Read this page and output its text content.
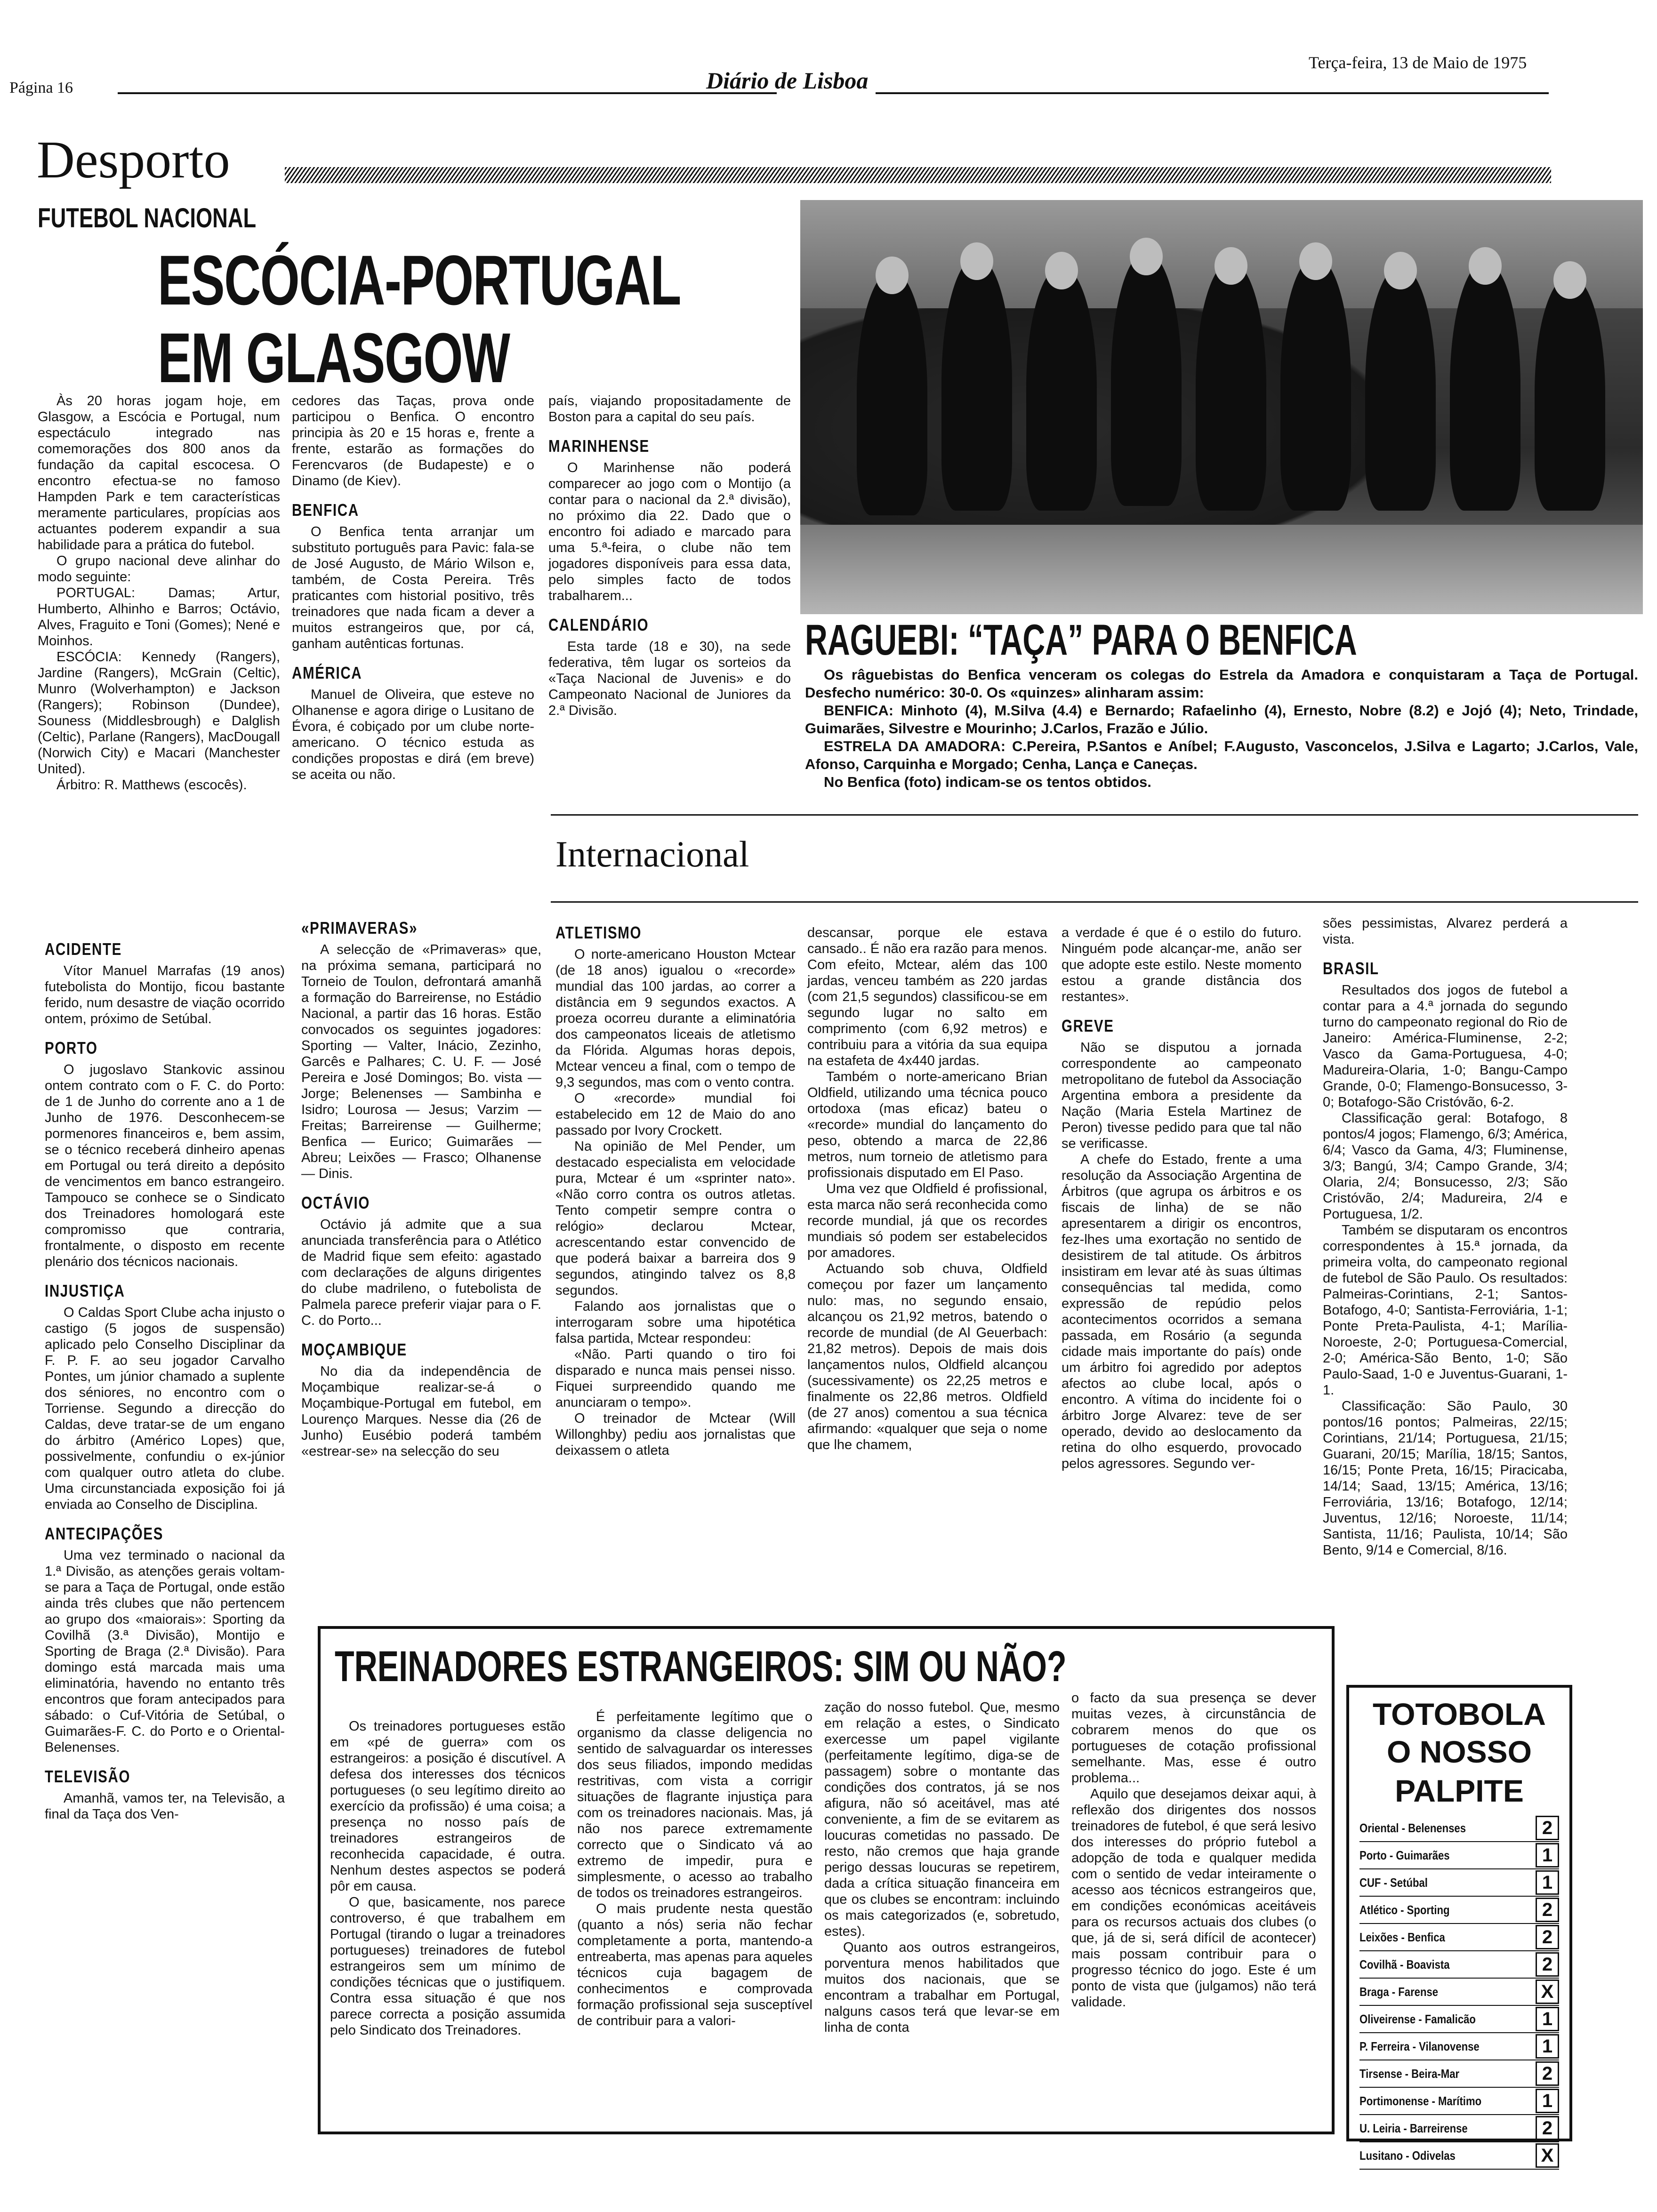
Página 16	Diário de Lisboa
Terça-feira, 13 de Maio de 1975
Desporto
FUTEBOL NACIONAL
ESCÓCIA-PORTUGAL
EM GLASGOW

Às 20 horas jogam hoje, em Glasgow, a Escócia e Portugal, num espectáculo integrado nas comemorações dos 800 anos da fundação da capital escocesa. O encontro efectua-se no famoso Hampden Park e tem características meramente particulares, propícias aos actuantes poderem expandir a sua habilidade para a prática do futebol.

O grupo nacional deve alinhar do modo seguinte:

PORTUGAL: Damas; Artur, Humberto, Alhinho e Barros; Octávio, Alves, Fraguito e Toni (Gomes); Nené e Moinhos.

ESCÓCIA: Kennedy (Rangers), Jardine (Rangers), McGrain (Celtic), Munro (Wolverhampton) e Jackson (Rangers); Robinson (Dundee), Souness (Middlesbrough) e Dalglish (Celtic), Parlane (Rangers), MacDougall (Norwich City) e Macari (Manchester United).

Árbitro: R. Matthews (escocês).

cedores das Taças, prova onde participou o Benfica. O encontro principia às 20 e 15 horas e, frente a frente, estarão as formações do Ferencvaros (de Budapeste) e o Dinamo (de Kiev).

BENFICA

O Benfica tenta arranjar um substituto português para Pavic: fala-se de José Augusto, de Mário Wilson e, também, de Costa Pereira. Três praticantes com historial positivo, três treinadores que nada ficam a dever a muitos estrangeiros que, por cá, ganham autênticas fortunas.

AMÉRICA

Manuel de Oliveira, que esteve no Olhanense e agora dirige o Lusitano de Évora, é cobiçado por um clube norte-americano. O técnico estuda as condições propostas e dirá (em breve) se aceita ou não.

país, viajando propositadamente de Boston para a capital do seu país.

MARINHENSE

O Marinhense não poderá comparecer ao jogo com o Montijo (a contar para o nacional da 2.ª divisão), no próximo dia 22. Dado que o encontro foi adiado e marcado para uma 5.ª-feira, o clube não tem jogadores disponíveis para essa data, pelo simples facto de todos trabalharem...

CALENDÁRIO

Esta tarde (18 e 30), na sede federativa, têm lugar os sorteios da «Taça Nacional de Juvenis» e do Campeonato Nacional de Juniores da 2.ª Divisão.

RAGUEBI: “TAÇA” PARA O BENFICA

Os râguebistas do Benfica venceram os colegas do Estrela da Amadora e conquistaram a Taça de Portugal. Desfecho numérico: 30-0. Os «quinzes» alinharam assim:

BENFICA: Minhoto (4), M.Silva (4.4) e Bernardo; Rafaelinho (4), Ernesto, Nobre (8.2) e Jojó (4); Neto, Trindade, Guimarães, Silvestre e Mourinho; J.Carlos, Frazão e Júlio.

ESTRELA DA AMADORA: C.Pereira, P.Santos e Aníbel; F.Augusto, Vasconcelos, J.Silva e Lagarto; J.Carlos, Vale, Afonso, Carquinha e Morgado; Cenha, Lança e Caneças.

No Benfica (foto) indicam-se os tentos obtidos.

Internacional
ACIDENTE

Vítor Manuel Marrafas (19 anos) futebolista do Montijo, ficou bastante ferido, num desastre de viação ocorrido ontem, próximo de Setúbal.

PORTO

O jugoslavo Stankovic assinou ontem contrato com o F. C. do Porto: de 1 de Junho do corrente ano a 1 de Junho de 1976. Desconhecem-se pormenores financeiros e, bem assim, se o técnico receberá dinheiro apenas em Portugal ou terá direito a depósito de vencimentos em banco estrangeiro. Tampouco se conhece se o Sindicato dos Treinadores homologará este compromisso que contraria, frontalmente, o disposto em recente plenário dos técnicos nacionais.

INJUSTIÇA

O Caldas Sport Clube acha injusto o castigo (5 jogos de suspensão) aplicado pelo Conselho Disciplinar da F. P. F. ao seu jogador Carvalho Pontes, um júnior chamado a suplente dos séniores, no encontro com o Torriense. Segundo a direcção do Caldas, deve tratar-se de um engano do árbitro (Américo Lopes) que, possivelmente, confundiu o ex-júnior com qualquer outro atleta do clube. Uma circunstanciada exposição foi já enviada ao Conselho de Disciplina.

ANTECIPAÇÕES

Uma vez terminado o nacional da 1.ª Divisão, as atenções gerais voltam-se para a Taça de Portugal, onde estão ainda três clubes que não pertencem ao grupo dos «maiorais»: Sporting da Covilhã (3.ª Divisão), Montijo e Sporting de Braga (2.ª Divisão). Para domingo está marcada mais uma eliminatória, havendo no entanto três encontros que foram antecipados para sábado: o Cuf-Vitória de Setúbal, o Guimarães-F. C. do Porto e o Oriental-Belenenses.

TELEVISÃO

Amanhã, vamos ter, na Televisão, a final da Taça dos Ven-

«PRIMAVERAS»

A selecção de «Primaveras» que, na próxima semana, participará no Torneio de Toulon, defrontará amanhã a formação do Barreirense, no Estádio Nacional, a partir das 16 horas. Estão convocados os seguintes jogadores: Sporting — Valter, Inácio, Zezinho, Garcês e Palhares; C. U. F. — José Pereira e José Domingos; Bo. vista — Jorge; Belenenses — Sambinha e Isidro; Lourosa — Jesus; Varzim — Freitas; Barreirense — Guilherme; Benfica — Eurico; Guimarães — Abreu; Leixões — Frasco; Olhanense — Dinis.

OCTÁVIO

Octávio já admite que a sua anunciada transferência para o Atlético de Madrid fique sem efeito: agastado com declarações de alguns dirigentes do clube madrileno, o futebolista de Palmela parece preferir viajar para o F. C. do Porto...

MOÇAMBIQUE

No dia da independência de Moçambique realizar-se-á o Moçambique-Portugal em futebol, em Lourenço Marques. Nesse dia (26 de Junho) Eusébio poderá também «estrear-se» na selecção do seu

ATLETISMO

O norte-americano Houston Mctear (de 18 anos) igualou o «recorde» mundial das 100 jardas, ao correr a distância em 9 segundos exactos. A proeza ocorreu durante a eliminatória dos campeonatos liceais de atletismo da Flórida. Algumas horas depois, Mctear venceu a final, com o tempo de 9,3 segundos, mas com o vento contra.

O «recorde» mundial foi estabelecido em 12 de Maio do ano passado por Ivory Crockett.

Na opinião de Mel Pender, um destacado especialista em velocidade pura, Mctear é um «sprinter nato». «Não corro contra os outros atletas. Tento competir sempre contra o relógio» declarou Mctear, acrescentando estar convencido de que poderá baixar a barreira dos 9 segundos, atingindo talvez os 8,8 segundos.

Falando aos jornalistas que o interrogaram sobre uma hipotética falsa partida, Mctear respondeu:

«Não. Parti quando o tiro foi disparado e nunca mais pensei nisso. Fiquei surpreendido quando me anunciaram o tempo».

O treinador de Mctear (Will Willonghby) pediu aos jornalistas que deixassem o atleta

descansar, porque ele estava cansado.. É não era razão para menos. Com efeito, Mctear, além das 100 jardas, venceu também as 220 jardas (com 21,5 segundos) classificou-se em segundo lugar no salto em comprimento (com 6,92 metros) e contribuiu para a vitória da sua equipa na estafeta de 4x440 jardas.

Também o norte-americano Brian Oldfield, utilizando uma técnica pouco ortodoxa (mas eficaz) bateu o «recorde» mundial do lançamento do peso, obtendo a marca de 22,86 metros, num torneio de atletismo para profissionais disputado em El Paso.

Uma vez que Oldfield é profissional, esta marca não será reconhecida como recorde mundial, já que os recordes mundiais só podem ser estabelecidos por amadores.

Actuando sob chuva, Oldfield começou por fazer um lançamento nulo: mas, no segundo ensaio, alcançou os 21,92 metros, batendo o recorde de mundial (de Al Geuerbach: 21,82 metros). Depois de mais dois lançamentos nulos, Oldfield alcançou (sucessivamente) os 22,25 metros e finalmente os 22,86 metros. Oldfield (de 27 anos) comentou a sua técnica afirmando: «qualquer que seja o nome que lhe chamem,

a verdade é que é o estilo do futuro. Ninguém pode alcançar-me, anão ser que adopte este estilo. Neste momento estou a grande distância dos restantes».

GREVE

Não se disputou a jornada correspondente ao campeonato metropolitano de futebol da Associação Argentina embora a presidente da Nação (Maria Estela Martinez de Peron) tivesse pedido para que tal não se verificasse.

A chefe do Estado, frente a uma resolução da Associação Argentina de Árbitros (que agrupa os árbitros e os fiscais de linha) de se não apresentarem a dirigir os encontros, fez-lhes uma exortação no sentido de desistirem de tal atitude. Os árbitros insistiram em levar até às suas últimas consequências tal medida, como expressão de repúdio pelos acontecimentos ocorridos a semana passada, em Rosário (a segunda cidade mais importante do país) onde um árbitro foi agredido por adeptos afectos ao clube local, após o encontro. A vítima do incidente foi o árbitro Jorge Alvarez: teve de ser operado, devido ao deslocamento da retina do olho esquerdo, provocado pelos agressores. Segundo ver-

sões pessimistas, Alvarez perderá a vista.

BRASIL

Resultados dos jogos de futebol a contar para a 4.ª jornada do segundo turno do campeonato regional do Rio de Janeiro: América-Fluminense, 2-2; Vasco da Gama-Portuguesa, 4-0; Madureira-Olaria, 1-0; Bangu-Campo Grande, 0-0; Flamengo-Bonsucesso, 3-0; Botafogo-São Cristóvão, 6-2.

Classificação geral: Botafogo, 8 pontos/4 jogos; Flamengo, 6/3; América, 6/4; Vasco da Gama, 4/3; Fluminense, 3/3; Bangú, 3/4; Campo Grande, 3/4; Olaria, 2/4; Bonsucesso, 2/3; São Cristóvão, 2/4; Madureira, 2/4 e Portuguesa, 1/2.

Também se disputaram os encontros correspondentes à 15.ª jornada, da primeira volta, do campeonato regional de futebol de São Paulo. Os resultados: Palmeiras-Corintians, 2-1; Santos-Botafogo, 4-0; Santista-Ferroviária, 1-1; Ponte Preta-Paulista, 4-1; Marília-Noroeste, 2-0; Portuguesa-Comercial, 2-0; América-São Bento, 1-0; São Paulo-Saad, 1-0 e Juventus-Guarani, 1-1.

Classificação: São Paulo, 30 pontos/16 pontos; Palmeiras, 22/15; Corintians, 21/14; Portuguesa, 21/15; Guarani, 20/15; Marília, 18/15; Santos, 16/15; Ponte Preta, 16/15; Piracicaba, 14/14; Saad, 13/15; América, 13/16; Ferroviária, 13/16; Botafogo, 12/14; Juventus, 12/16; Noroeste, 11/14; Santista, 11/16; Paulista, 10/14; São Bento, 9/14 e Comercial, 8/16.

TREINADORES ESTRANGEIROS: SIM OU NÃO?

Os treinadores portugueses estão em «pé de guerra» com os estrangeiros: a posição é discutível. A defesa dos interesses dos técnicos portugueses (o seu legítimo direito ao exercício da profissão) é uma coisa; a presença no nosso país de treinadores estrangeiros de reconhecida capacidade, é outra. Nenhum destes aspectos se poderá pôr em causa.

O que, basicamente, nos parece controverso, é que trabalhem em Portugal (tirando o lugar a treinadores portugueses) treinadores de futebol estrangeiros sem um mínimo de condições técnicas que o justifiquem. Contra essa situação é que nos parece correcta a posição assumida pelo Sindicato dos Treinadores.

É perfeitamente legítimo que o organismo da classe deligencia no sentido de salvaguardar os interesses dos seus filiados, impondo medidas restritivas, com vista a corrigir situações de flagrante injustiça para com os treinadores nacionais. Mas, já não nos parece extremamente correcto que o Sindicato vá ao extremo de impedir, pura e simplesmente, o acesso ao trabalho de todos os treinadores estrangeiros.

O mais prudente nesta questão (quanto a nós) seria não fechar completamente a porta, mantendo-a entreaberta, mas apenas para aqueles técnicos cuja bagagem de conhecimentos e comprovada formação profissional seja susceptível de contribuir para a valori-

zação do nosso futebol. Que, mesmo em relação a estes, o Sindicato exercesse um papel vigilante (perfeitamente legítimo, diga-se de passagem) sobre o montante das condições dos contratos, já se nos afigura, não só aceitável, mas até conveniente, a fim de se evitarem as loucuras cometidas no passado. De resto, não cremos que haja grande perigo dessas loucuras se repetirem, dada a crítica situação financeira em que os clubes se encontram: incluindo os mais categorizados (e, sobretudo, estes).

Quanto aos outros estrangeiros, porventura menos habilitados que muitos dos nacionais, que se encontram a trabalhar em Portugal, nalguns casos terá que levar-se em linha de conta

o facto da sua presença se dever muitas vezes, à circunstância de cobrarem menos do que os portugueses de cotação profissional semelhante. Mas, esse é outro problema...

Aquilo que desejamos deixar aqui, à reflexão dos dirigentes dos nossos treinadores de futebol, é que será lesivo dos interesses do próprio futebol a adopção de toda e qualquer medida com o sentido de vedar inteiramente o acesso aos técnicos estrangeiros que, em condições económicas aceitáveis para os recursos actuais dos clubes (o que, já de si, será difícil de acontecer) mais possam contribuir para o progresso técnico do jogo. Este é um ponto de vista que (julgamos) não terá validade.

TOTOBOLA
O NOSSO
PALPITE
Oriental - Belenenses	2
Porto - Guimarães	1
CUF - Setúbal	1
Atlético - Sporting	2
Leixões - Benfica	2
Covilhã - Boavista	2
Braga - Farense	X
Oliveirense - Famalicão	1
P. Ferreira - Vilanovense	1
Tirsense - Beira-Mar	2
Portimonense - Marítimo	1
U. Leiria - Barreirense	2
Lusitano - Odivelas	X
